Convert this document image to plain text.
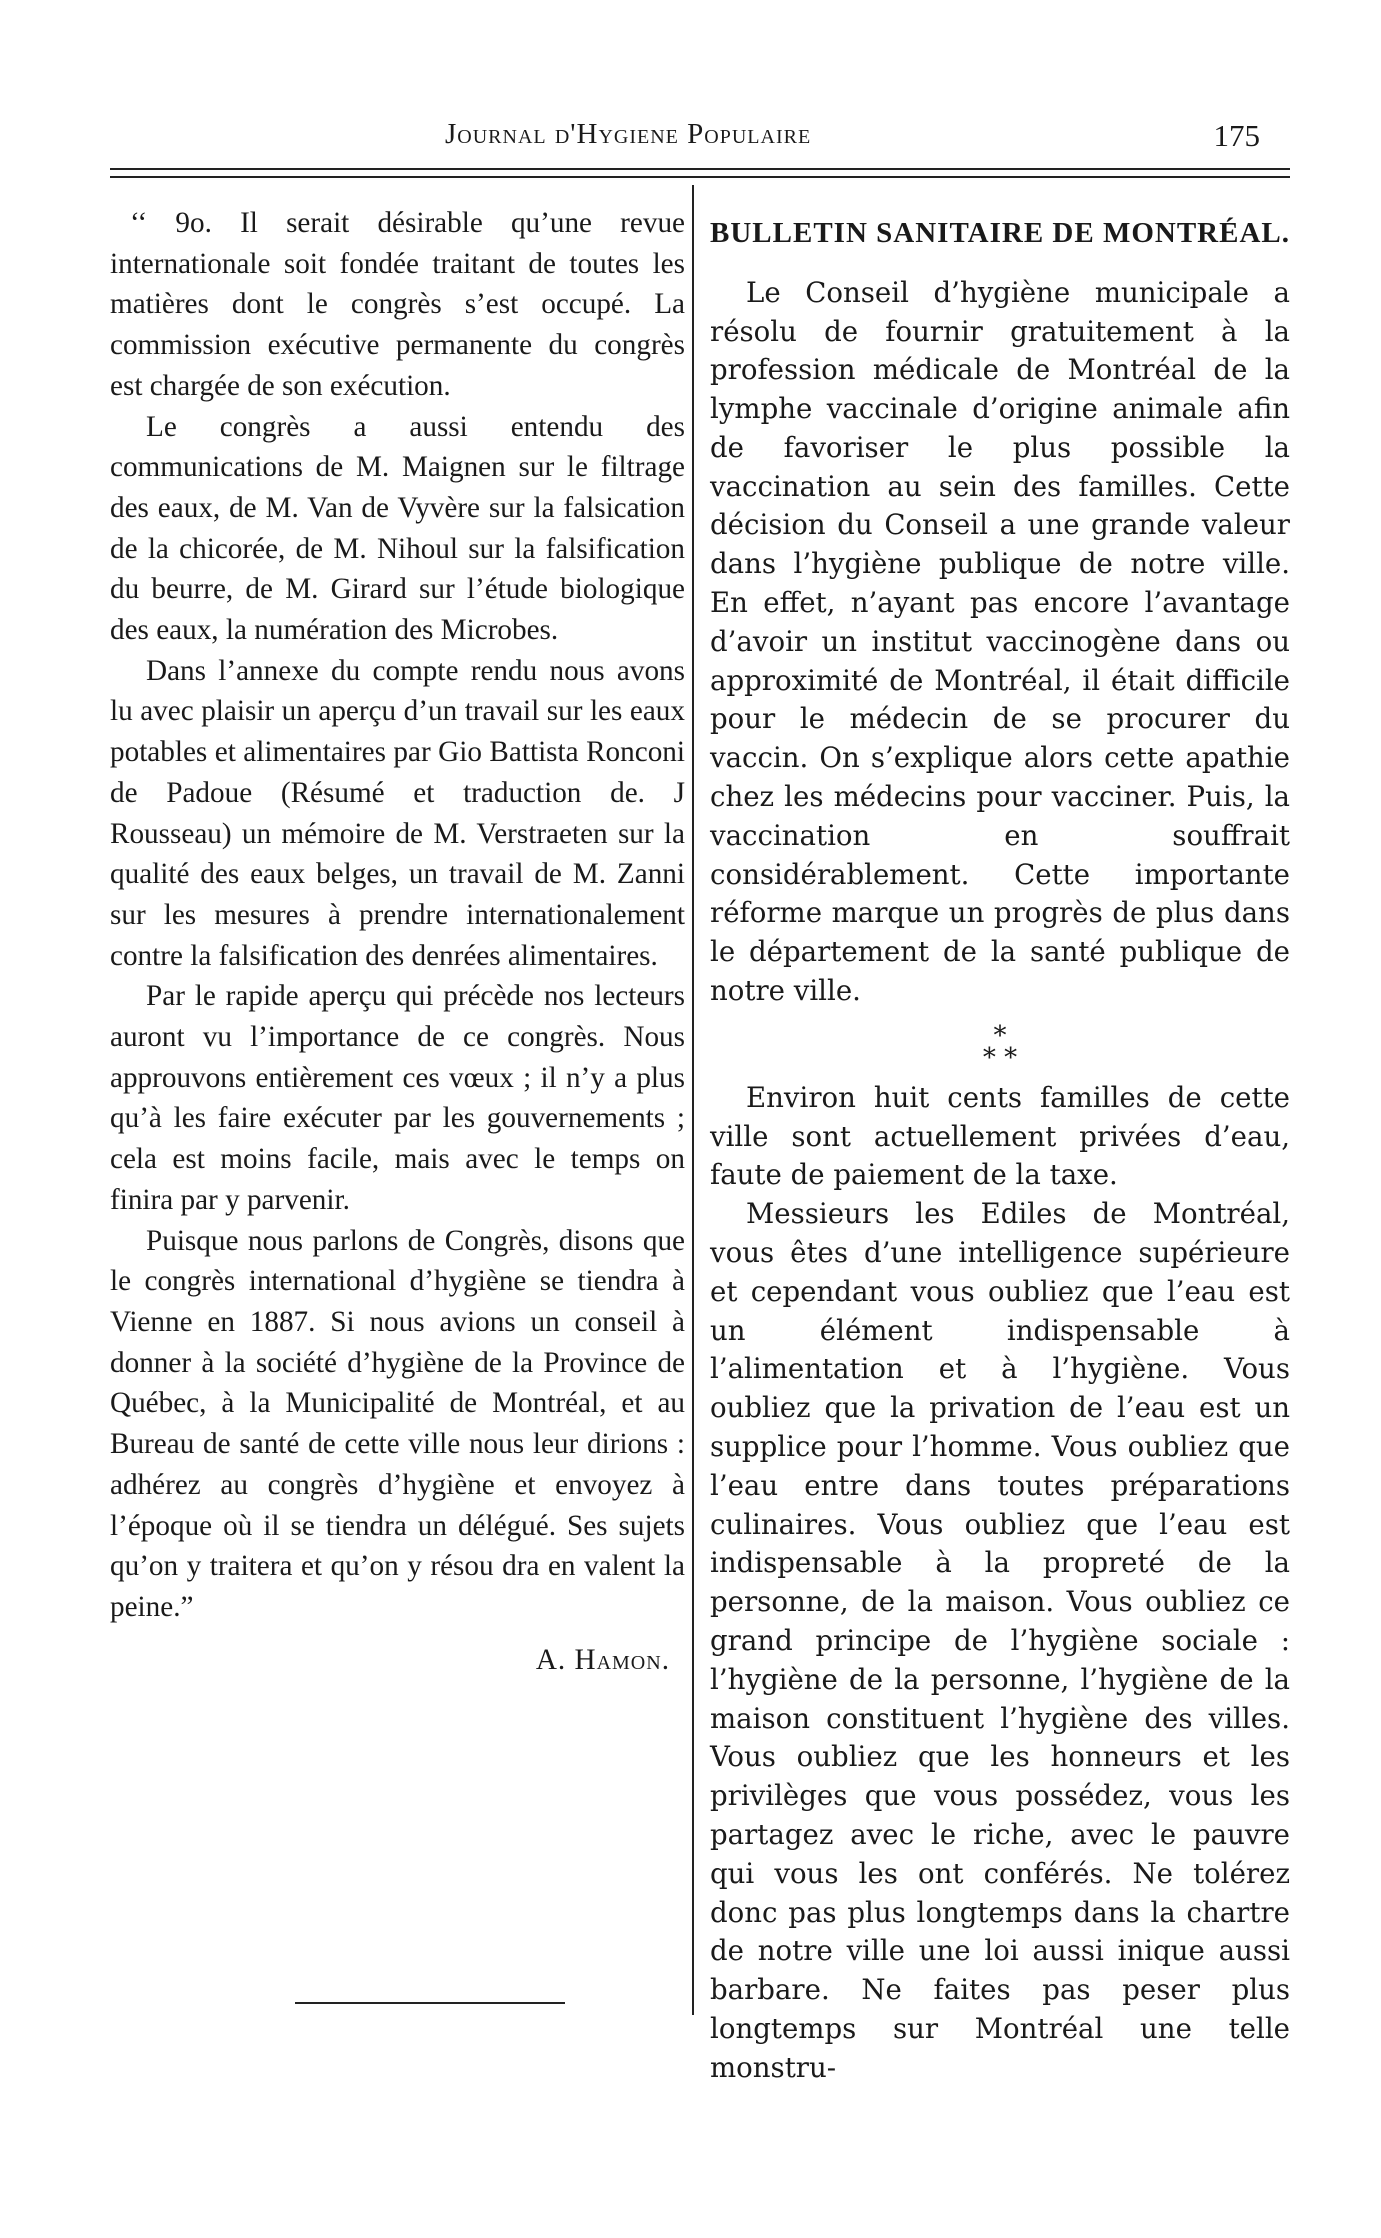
Journal d'Hygiene Populaire	175

‘‘ 9o. Il serait désirable qu’une revue internationale soit fondée traitant de toutes les matières dont le congrès s’est occupé. La commission exécutive permanente du congrès est chargée de son exécution.

Le congrès a aussi entendu des communications de M. Maignen sur le filtrage des eaux, de M. Van de Vyvère sur la falsication de la chicorée, de M. Nihoul sur la falsification du beurre, de M. Girard sur l’étude biologique des eaux, la numération des Microbes.

Dans l’annexe du compte rendu nous avons lu avec plaisir un aperçu d’un travail sur les eaux potables et alimentaires par Gio Battista Ronconi de Padoue (Résumé et traduction de. J Rousseau) un mémoire de M. Verstraeten sur la qualité des eaux belges, un travail de M. Zanni sur les mesures à prendre internationalement contre la falsification des denrées alimentaires.

Par le rapide aperçu qui précède nos lecteurs auront vu l’importance de ce congrès. Nous approuvons entièrement ces vœux ; il n’y a plus qu’à les faire exécuter par les gouvernements ; cela est moins facile, mais avec le temps on finira par y parvenir.

Puisque nous parlons de Congrès, disons que le congrès international d’hygiène se tiendra à Vienne en 1887. Si nous avions un conseil à donner à la société d’hygiène de la Province de Québec, à la Municipalité de Montréal, et au Bureau de santé de cette ville nous leur dirions : adhérez au congrès d’hygiène et envoyez à l’époque où il se tiendra un délégué. Ses sujets qu’on y traitera et qu’on y résou dra en valent la peine.”

A. Hamon.
BULLETIN SANITAIRE DE MONTRÉAL.

Le Conseil d’hygiène municipale a résolu de fournir gratuitement à la profession médicale de Montréal de la lymphe vaccinale d’origine animale afin de favoriser le plus possible la vaccination au sein des familles. Cette décision du Conseil a une grande valeur dans l’hygiène publique de notre ville. En effet, n’ayant pas encore l’avantage d’avoir un institut vaccinogène dans ou approximité de Montréal, il était difficile pour le médecin de se procurer du vaccin. On s’explique alors cette apathie chez les médecins pour vacciner. Puis, la vaccination en souffrait considérablement. Cette importante réforme marque un progrès de plus dans le département de la santé publique de notre ville.

*
* *

Environ huit cents familles de cette ville sont actuellement privées d’eau, faute de paiement de la taxe.

Messieurs les Ediles de Montréal, vous êtes d’une intelligence supérieure et cependant vous oubliez que l’eau est un élément indispensable à l’alimentation et à l’hygiène. Vous oubliez que la privation de l’eau est un supplice pour l’homme. Vous oubliez que l’eau entre dans toutes préparations culinaires. Vous oubliez que l’eau est indispensable à la propreté de la personne, de la maison. Vous oubliez ce grand principe de l’hygiène sociale : l’hygiène de la personne, l’hygiène de la maison constituent l’hygiène des villes. Vous oubliez que les honneurs et les privilèges que vous possédez, vous les partagez avec le riche, avec le pauvre qui vous les ont conférés. Ne tolérez donc pas plus longtemps dans la chartre de notre ville une loi aussi inique aussi barbare. Ne faites pas peser plus longtemps sur Montréal une telle monstru-
